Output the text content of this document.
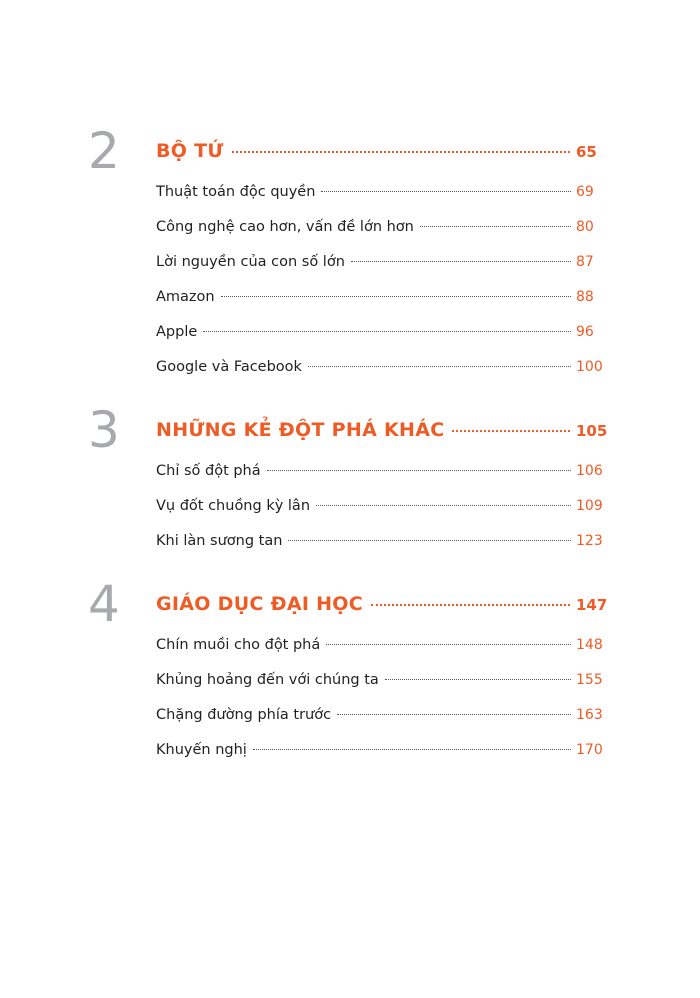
2	BỘ TỨ	65
Thuật toán độc quyền	69
Công nghệ cao hơn, vấn đề lớn hơn	80
Lời nguyền của con số lớn	87
Amazon	88
Apple	96
Google và Facebook	100
3	NHỮNG KẺ ĐỘT PHÁ KHÁC	105
Chỉ số đột phá	106
Vụ đốt chuồng kỳ lân	109
Khi làn sương tan	123
4	GIÁO DỤC ĐẠI HỌC	147
Chín muồi cho đột phá	148
Khủng hoảng đến với chúng ta	155
Chặng đường phía trước	163
Khuyến nghị	170
